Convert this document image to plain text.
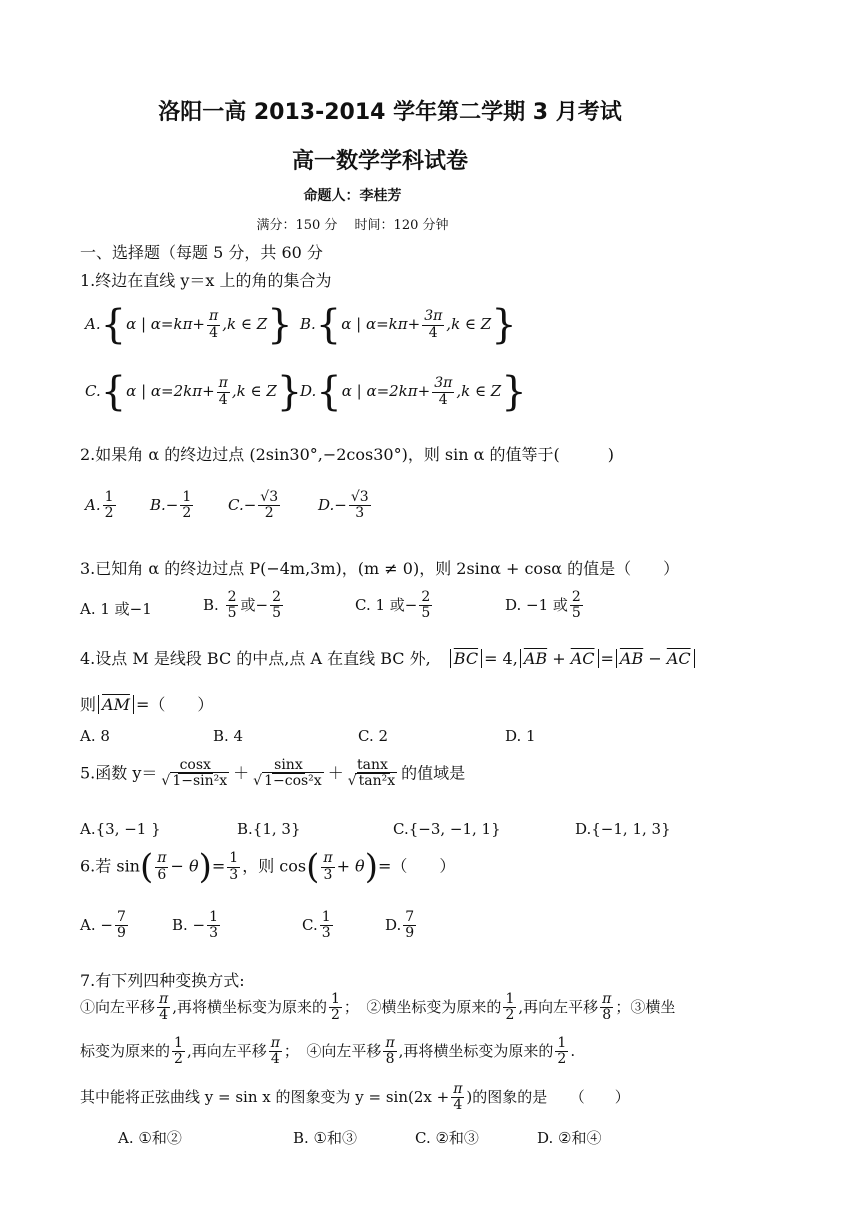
洛阳一高 2013-2014 学年第二学期 3 月考试
高一数学学科试卷
命题人：李桂芳
满分：150 分　 时间：120 分钟
一、选择题（每题 5 分，共 60 分
1.终边在直线 y＝x 上的角的集合为
A.{α | $\alpha=k\pi+ \frac{\pi}{4} ,k$ ∈ Z} B.{α | $\alpha=k\pi+ \frac{3\pi}{4} ,k$ ∈ Z}
C.{α | $\alpha=2k\pi+ \frac{\pi}{4} ,k$ ∈ Z}
D.{α | $\alpha=2k\pi+ \frac{3\pi}{4} ,k$ ∈ Z}
2.如果角 α 的终边过点 (2sin30°,−2cos30°)，则 sin α 的值等于(　　　)
A. $\frac{1}{2} B.- \frac{1}{2} C.- \frac{√3}{2}$	$D.- \frac{√3}{3}$
3.已知角 α 的终边过点 P(−4m,3m)，(m ≠ 0)，则 2sinα + cosα 的值是（　　）
A. 1 或−1	B. $\frac{2}{5}$ 或− $\frac{2}{5}$	C. 1 或− $\frac{2}{5}$	D. −1 或 $\frac{2}{5}$
4.设点 M 是线段 BC 的中点,点 A 在直线 BC 外, $\overline{BC} = 4$, $\overline{AB} + \overline{AC} = \overline{AB} - \overline{AC}$
则 $\overline{AM}$ =（　　）
A. 8	B. 4	C. 2	D. 1
5.函数 $y= \frac{\cos x}{\text{√ 1−sin²x}} + \frac{\sin x}{\text{√ 1−cos²x}} + \frac{\tan x}{\text{√ tan²x}}$ 的值域是
A.{3, −1 }	B.{1, 3}	C.{−3, −1, 1}	D.{−1, 1, 3}
6.若 $\sin( \frac{\pi}{6} - \theta)= \frac{1}{3}$ ，则 $\cos( \frac{\pi}{3} + \theta)=$（　　）
A. − $\frac{7}{9}$	B. − $\frac{1}{3}$	C. $\frac{1}{3}$	D. $\frac{7}{9}$
7.有下列四种变换方式:
①向左平移 $\frac{\pi}{4}$ ,再将横坐标变为原来的 $\frac{1}{2}$ ；　②横坐标变为原来的 $\frac{1}{2}$ ,再向左平移 $\frac{\pi}{8}$ ；③横坐
标变为原来的 $\frac{1}{2}$ ,再向左平移 $\frac{\pi}{4}$ ；　④向左平移 $\frac{\pi}{8}$ ,再将横坐标变为原来的 $\frac{1}{2}$ .
其中能将正弦曲线 y = sin x 的图象变为 $y = \sin(2x + \frac{\pi}{4}$ )的图象的是　　（　　）
A. ①和②	B. ①和③	C. ②和③	D. ②和④
